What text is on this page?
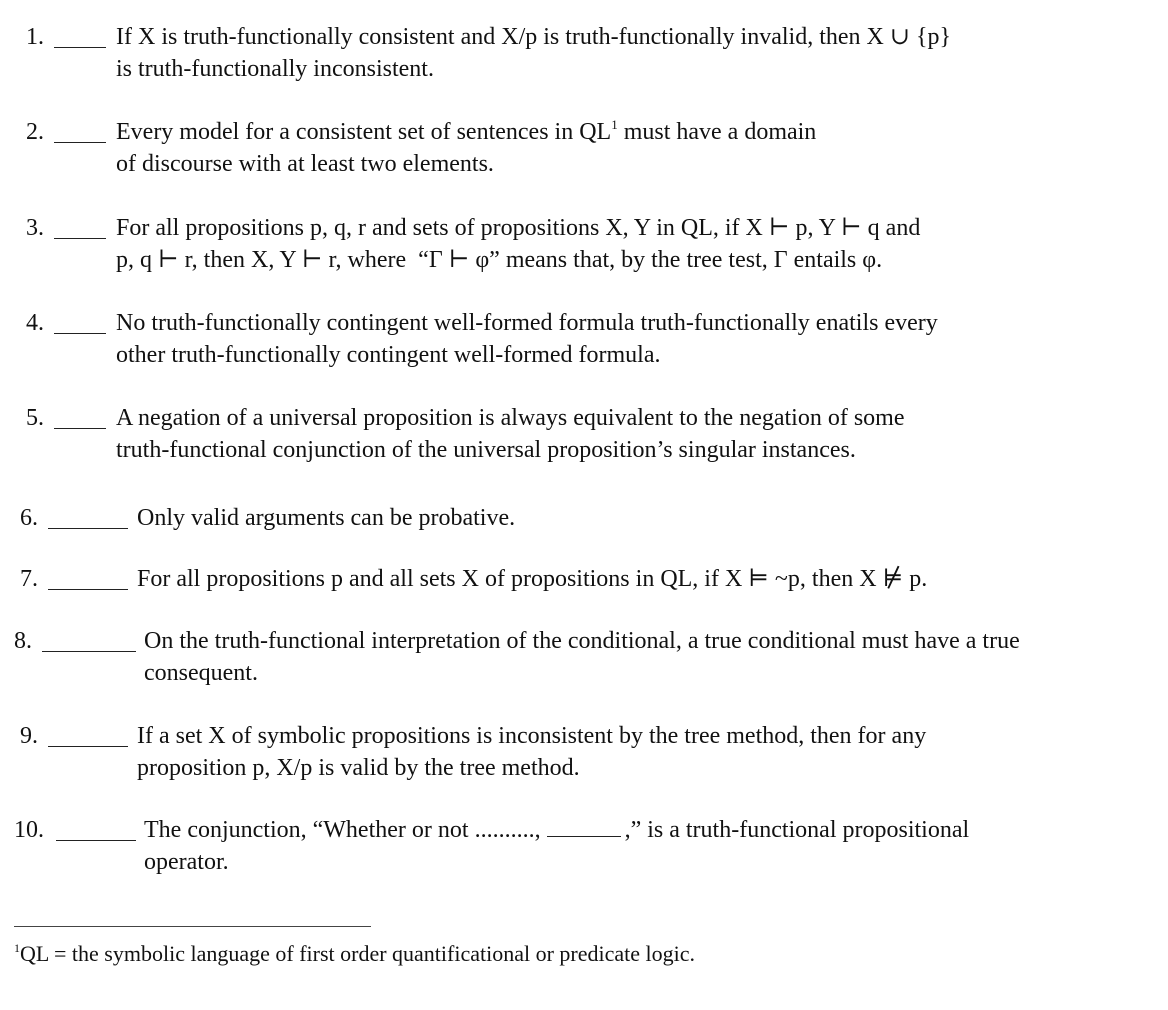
1.	If X is truth-functionally consistent and X/p is truth-functionally invalid, then X ∪ {p}
is truth-functionally inconsistent.
2.	Every model for a consistent set of sentences in $QL^1$ must have a domain
of discourse with at least two elements.
3.	For all propositions p, q, r and sets of propositions X, Y in QL, if X ⊢ p, Y ⊢ q and
p, q ⊢ r, then X, Y ⊢ r, where  “Γ ⊢ φ” means that, by the tree test, Γ entails φ.
4.	No truth-functionally contingent well-formed formula truth-functionally enatils every
other truth-functionally contingent well-formed formula.
5.	A negation of a universal proposition is always equivalent to the negation of some
truth-functional conjunction of the universal proposition’s singular instances.
6.	Only valid arguments can be probative.
7.	For all propositions p and all sets X of propositions in QL, if X ⊨ ~p, then X ⊭ p.
8.	On the truth-functional interpretation of the conditional, a true conditional must have a true
consequent.
9.	If a set X of symbolic propositions is inconsistent by the tree method, then for any
proposition p, X/p is valid by the tree method.
10.	The conjunction, “Whether or not ..........,	,” is a truth-functional propositional
operator.
$^1$QL = the symbolic language of first order quantificational or predicate logic.
